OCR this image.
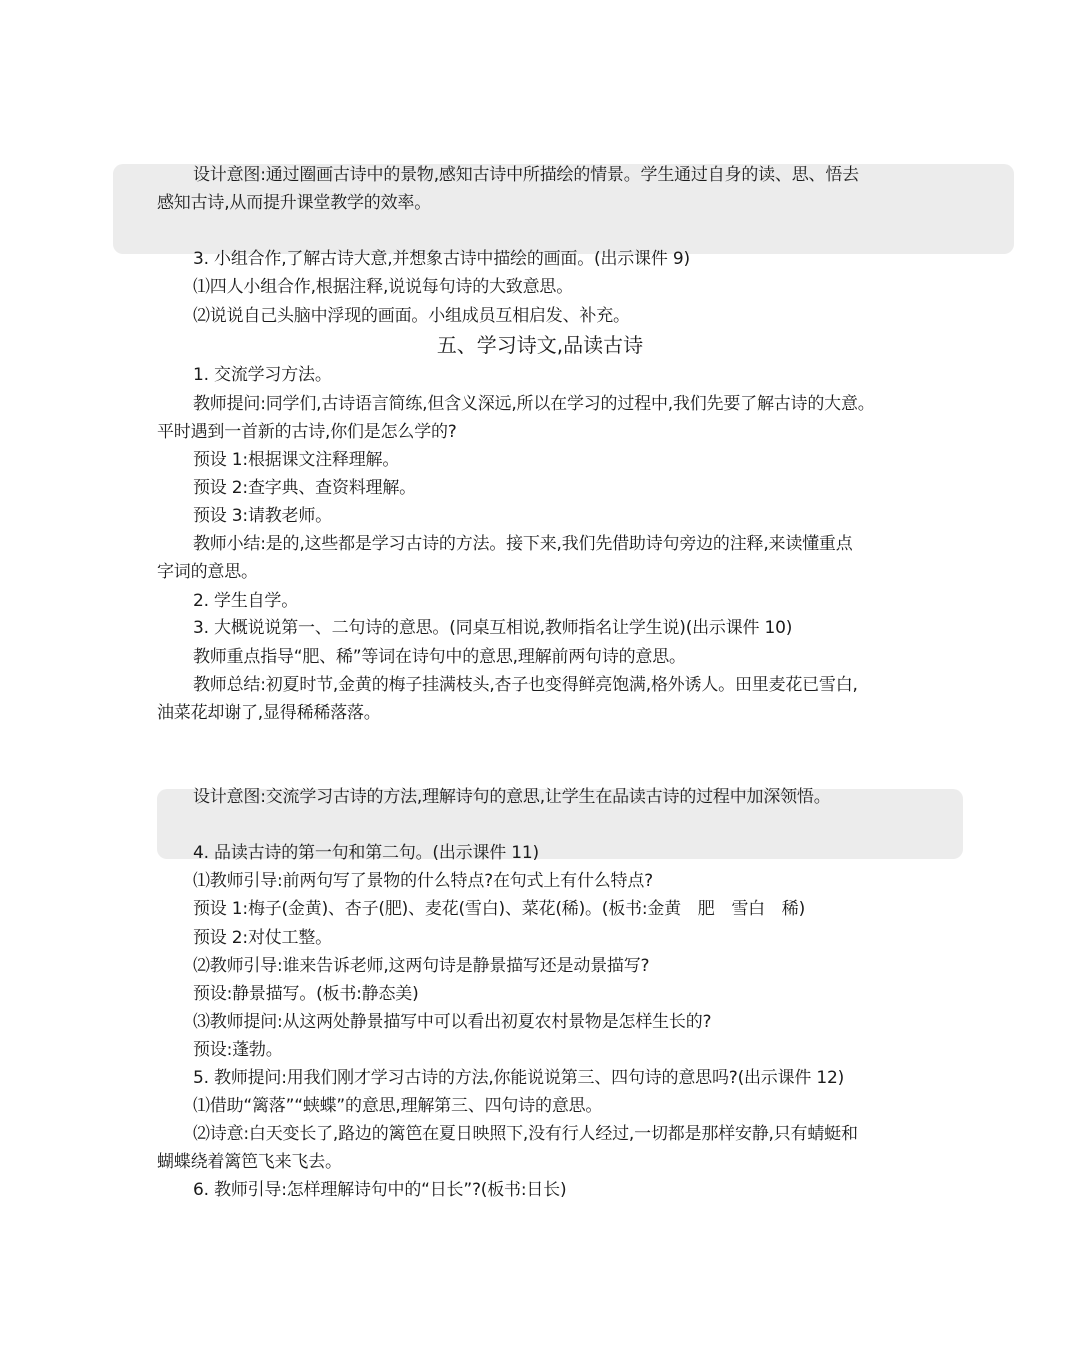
设计意图:通过圈画古诗中的景物,感知古诗中所描绘的情景。学生通过自身的读、思、悟去

感知古诗,从而提升课堂教学的效率。

3. 小组合作,了解古诗大意,并想象古诗中描绘的画面。(出示课件 9)

⑴四人小组合作,根据注释,说说每句诗的大致意思。

⑵说说自己头脑中浮现的画面。小组成员互相启发、补充。

五、学习诗文,品读古诗

1. 交流学习方法。

教师提问:同学们,古诗语言简练,但含义深远,所以在学习的过程中,我们先要了解古诗的大意。

平时遇到一首新的古诗,你们是怎么学的?

预设 1:根据课文注释理解。

预设 2:查字典、查资料理解。

预设 3:请教老师。

教师小结:是的,这些都是学习古诗的方法。接下来,我们先借助诗句旁边的注释,来读懂重点

字词的意思。

2. 学生自学。

3. 大概说说第一、二句诗的意思。(同桌互相说,教师指名让学生说)(出示课件 10)

教师重点指导“肥、稀”等词在诗句中的意思,理解前两句诗的意思。

教师总结:初夏时节,金黄的梅子挂满枝头,杏子也变得鲜亮饱满,格外诱人。田里麦花已雪白,

油菜花却谢了,显得稀稀落落。

设计意图:交流学习古诗的方法,理解诗句的意思,让学生在品读古诗的过程中加深领悟。

4. 品读古诗的第一句和第二句。(出示课件 11)

⑴教师引导:前两句写了景物的什么特点?在句式上有什么特点?

预设 1:梅子(金黄)、杏子(肥)、麦花(雪白)、菜花(稀)。(板书:金黄　肥　雪白　稀)

预设 2:对仗工整。

⑵教师引导:谁来告诉老师,这两句诗是静景描写还是动景描写?

预设:静景描写。(板书:静态美)

⑶教师提问:从这两处静景描写中可以看出初夏农村景物是怎样生长的?

预设:蓬勃。

5. 教师提问:用我们刚才学习古诗的方法,你能说说第三、四句诗的意思吗?(出示课件 12)

⑴借助“篱落”“蛱蝶”的意思,理解第三、四句诗的意思。

⑵诗意:白天变长了,路边的篱笆在夏日映照下,没有行人经过,一切都是那样安静,只有蜻蜓和

蝴蝶绕着篱笆飞来飞去。

6. 教师引导:怎样理解诗句中的“日长”?(板书:日长)
